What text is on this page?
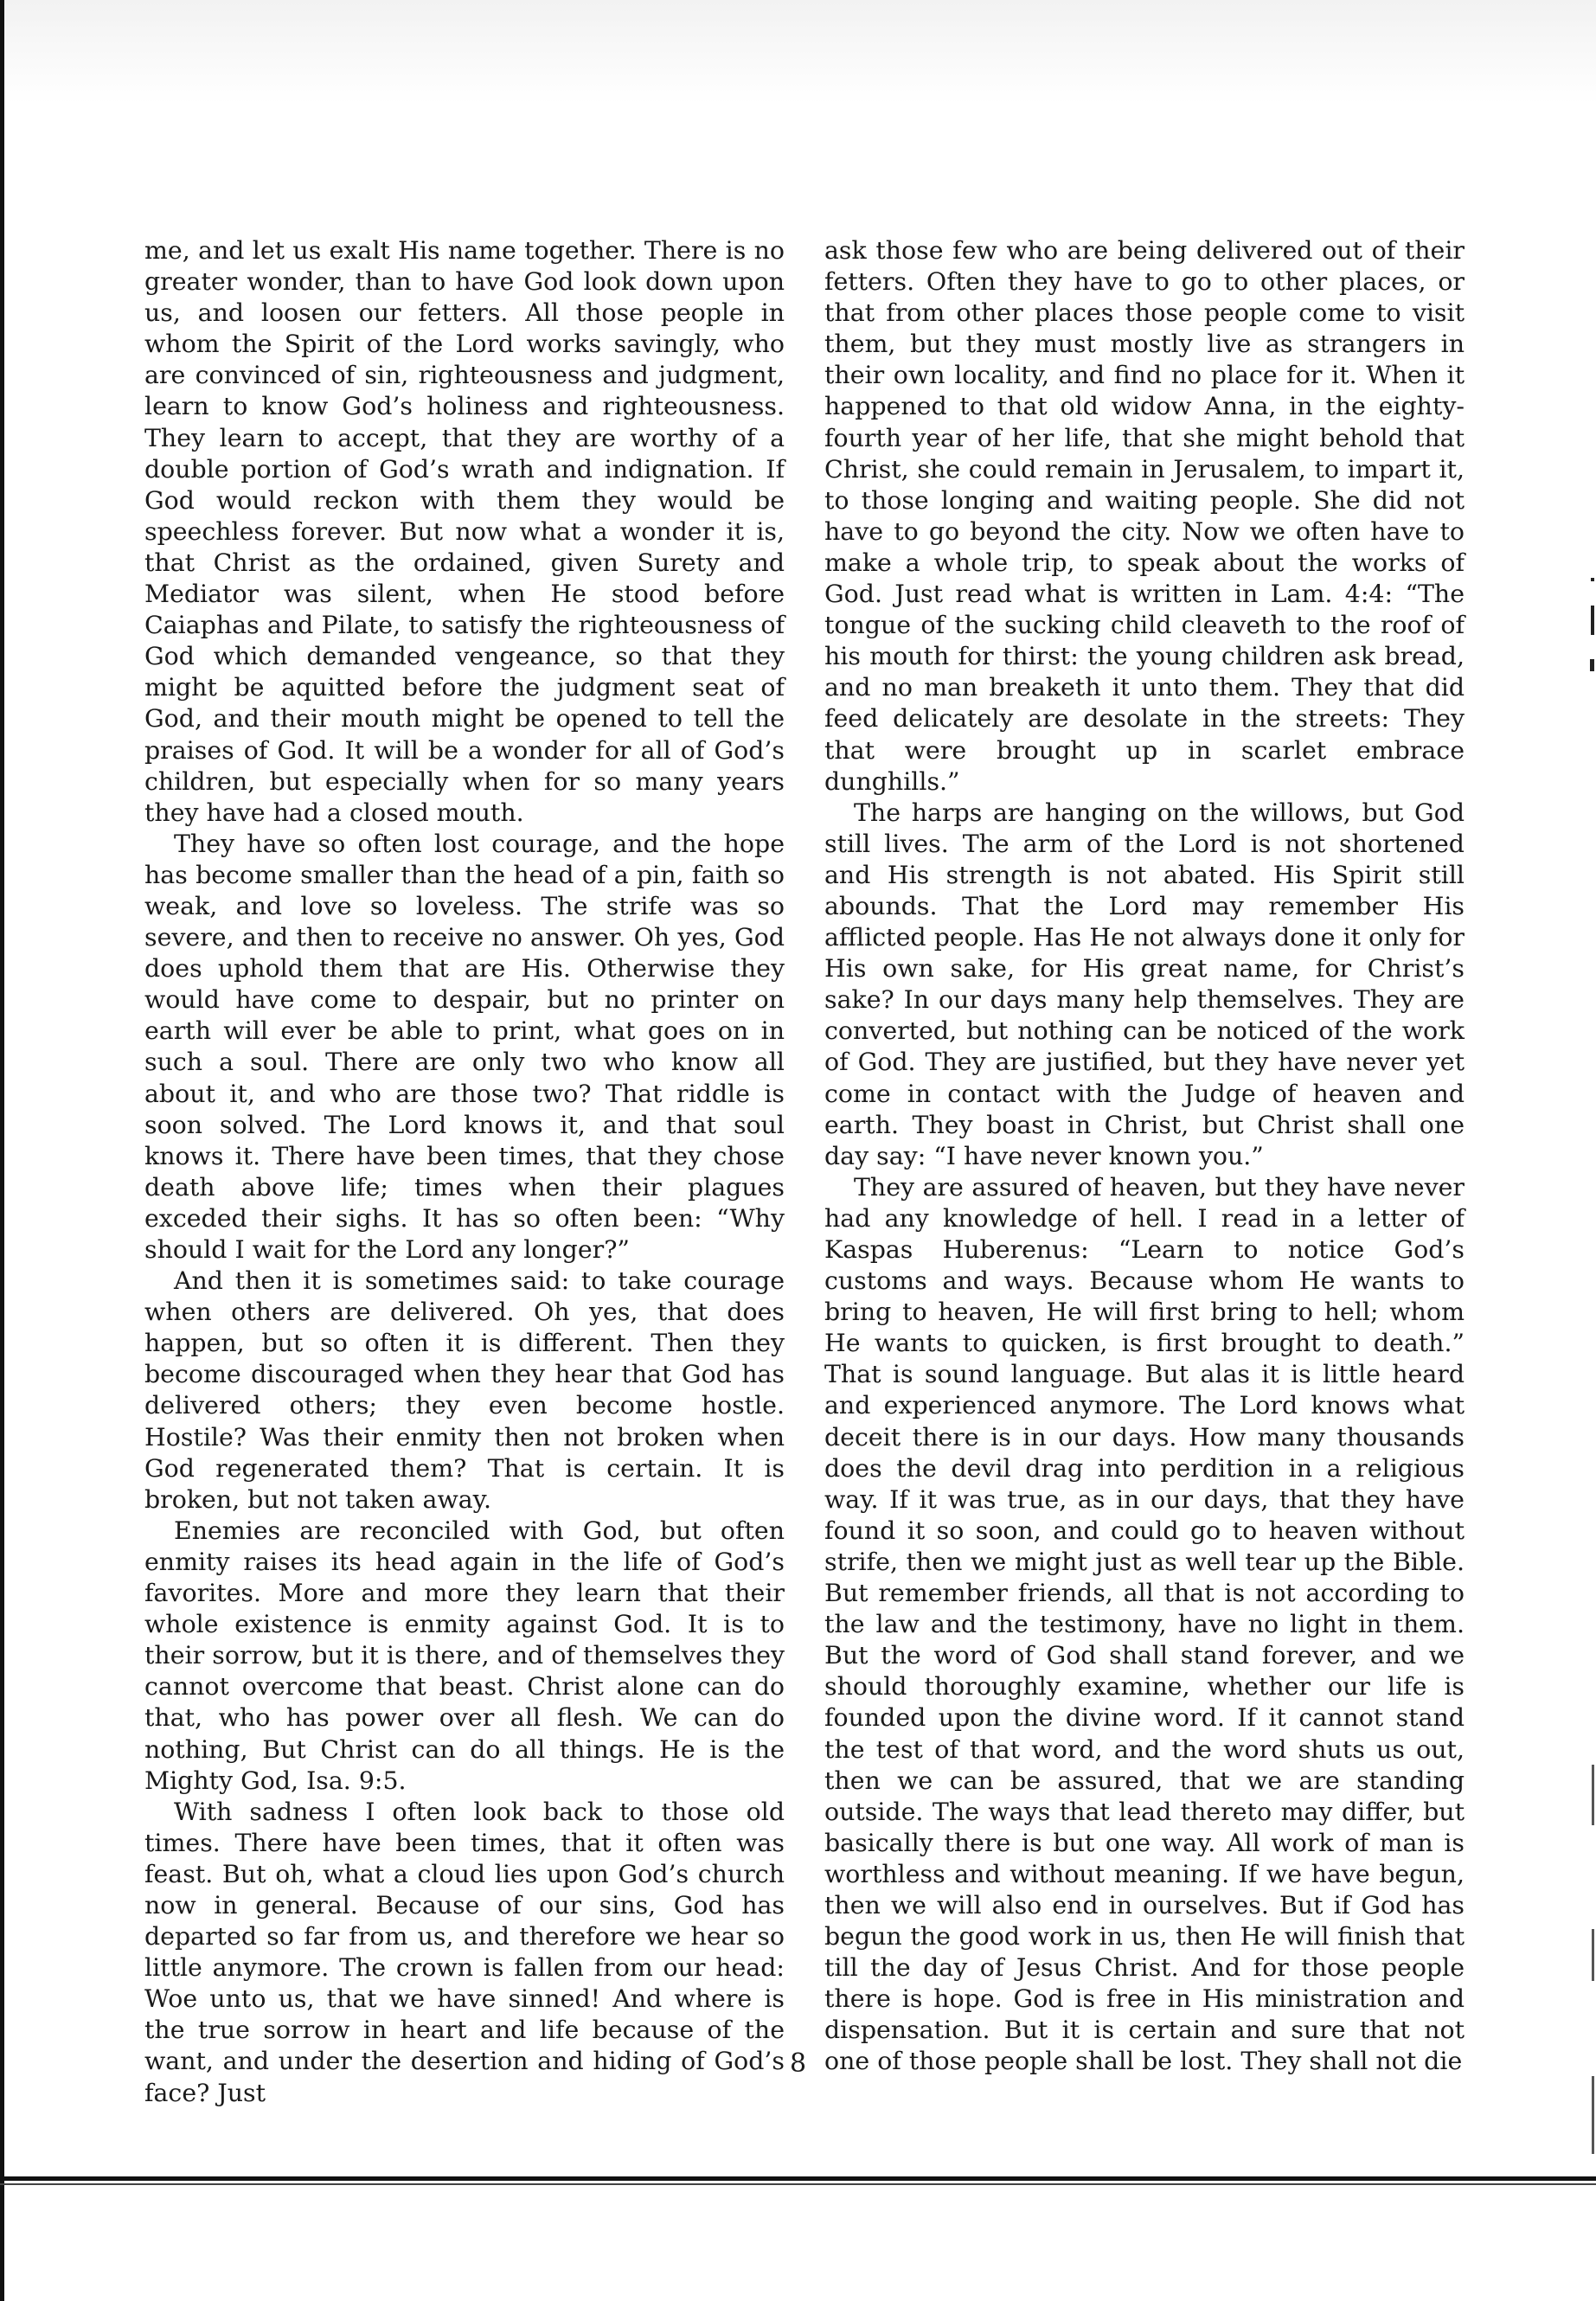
me, and let us exalt His name together. There is no greater wonder, than to have God look down upon us, and loosen our fetters. All those people in whom the Spirit of the Lord works savingly, who are convinced of sin, righteousness and judgment, learn to know God’s holiness and righteousness. They learn to accept, that they are worthy of a double portion of God’s wrath and indignation. If God would reckon with them they would be speechless forever. But now what a wonder it is, that Christ as the ordained, given Surety and Mediator was silent, when He stood before Caiaphas and Pilate, to satisfy the righteousness of God which demanded vengeance, so that they might be aquitted before the judgment seat of God, and their mouth might be opened to tell the praises of God. It will be a wonder for all of God’s children, but especially when for so many years they have had a closed mouth.

They have so often lost courage, and the hope has become smaller than the head of a pin, faith so weak, and love so loveless. The strife was so severe, and then to receive no answer. Oh yes, God does uphold them that are His. Otherwise they would have come to despair, but no printer on earth will ever be able to print, what goes on in such a soul. There are only two who know all about it, and who are those two? That riddle is soon solved. The Lord knows it, and that soul knows it. There have been times, that they chose death above life; times when their plagues exceded their sighs. It has so often been: “Why should I wait for the Lord any longer?”

And then it is sometimes said: to take courage when others are delivered. Oh yes, that does happen, but so often it is different. Then they become discouraged when they hear that God has delivered others; they even become hostle. Hostile? Was their enmity then not broken when God regenerated them? That is certain. It is broken, but not taken away.

Enemies are reconciled with God, but often enmity raises its head again in the life of God’s favorites. More and more they learn that their whole existence is enmity against God. It is to their sorrow, but it is there, and of themselves they cannot overcome that beast. Christ alone can do that, who has power over all flesh. We can do nothing, But Christ can do all things. He is the Mighty God, Isa. 9:5.

With sadness I often look back to those old times. There have been times, that it often was feast. But oh, what a cloud lies upon God’s church now in general. Because of our sins, God has departed so far from us, and therefore we hear so little anymore. The crown is fallen from our head: Woe unto us, that we have sinned! And where is the true sorrow in heart and life because of the want, and under the desertion and hiding of God’s face? Just

ask those few who are being delivered out of their fetters. Often they have to go to other places, or that from other places those people come to visit them, but they must mostly live as strangers in their own locality, and find no place for it. When it happened to that old widow Anna, in the eighty-fourth year of her life, that she might behold that Christ, she could remain in Jerusalem, to impart it, to those longing and waiting people. She did not have to go beyond the city. Now we often have to make a whole trip, to speak about the works of God. Just read what is written in Lam. 4:4: “The tongue of the sucking child cleaveth to the roof of his mouth for thirst: the young children ask bread, and no man breaketh it unto them. They that did feed delicately are desolate in the streets: They that were brought up in scarlet embrace dunghills.”

The harps are hanging on the willows, but God still lives. The arm of the Lord is not shortened and His strength is not abated. His Spirit still abounds. That the Lord may remember His afflicted people. Has He not always done it only for His own sake, for His great name, for Christ’s sake? In our days many help themselves. They are converted, but nothing can be noticed of the work of God. They are justified, but they have never yet come in contact with the Judge of heaven and earth. They boast in Christ, but Christ shall one day say: “I have never known you.”

They are assured of heaven, but they have never had any knowledge of hell. I read in a letter of Kaspas Huberenus: “Learn to notice God’s customs and ways. Because whom He wants to bring to heaven, He will first bring to hell; whom He wants to quicken, is first brought to death.” That is sound language. But alas it is little heard and experienced anymore. The Lord knows what deceit there is in our days. How many thousands does the devil drag into perdition in a religious way. If it was true, as in our days, that they have found it so soon, and could go to heaven without strife, then we might just as well tear up the Bible. But remember friends, all that is not according to the law and the testimony, have no light in them. But the word of God shall stand forever, and we should thoroughly examine, whether our life is founded upon the divine word. If it cannot stand the test of that word, and the word shuts us out, then we can be assured, that we are standing outside. The ways that lead thereto may differ, but basically there is but one way. All work of man is worthless and without meaning. If we have begun, then we will also end in ourselves. But if God has begun the good work in us, then He will finish that till the day of Jesus Christ. And for those people there is hope. God is free in His ministration and dispensation. But it is certain and sure that not one of those people shall be lost. They shall not die

8
